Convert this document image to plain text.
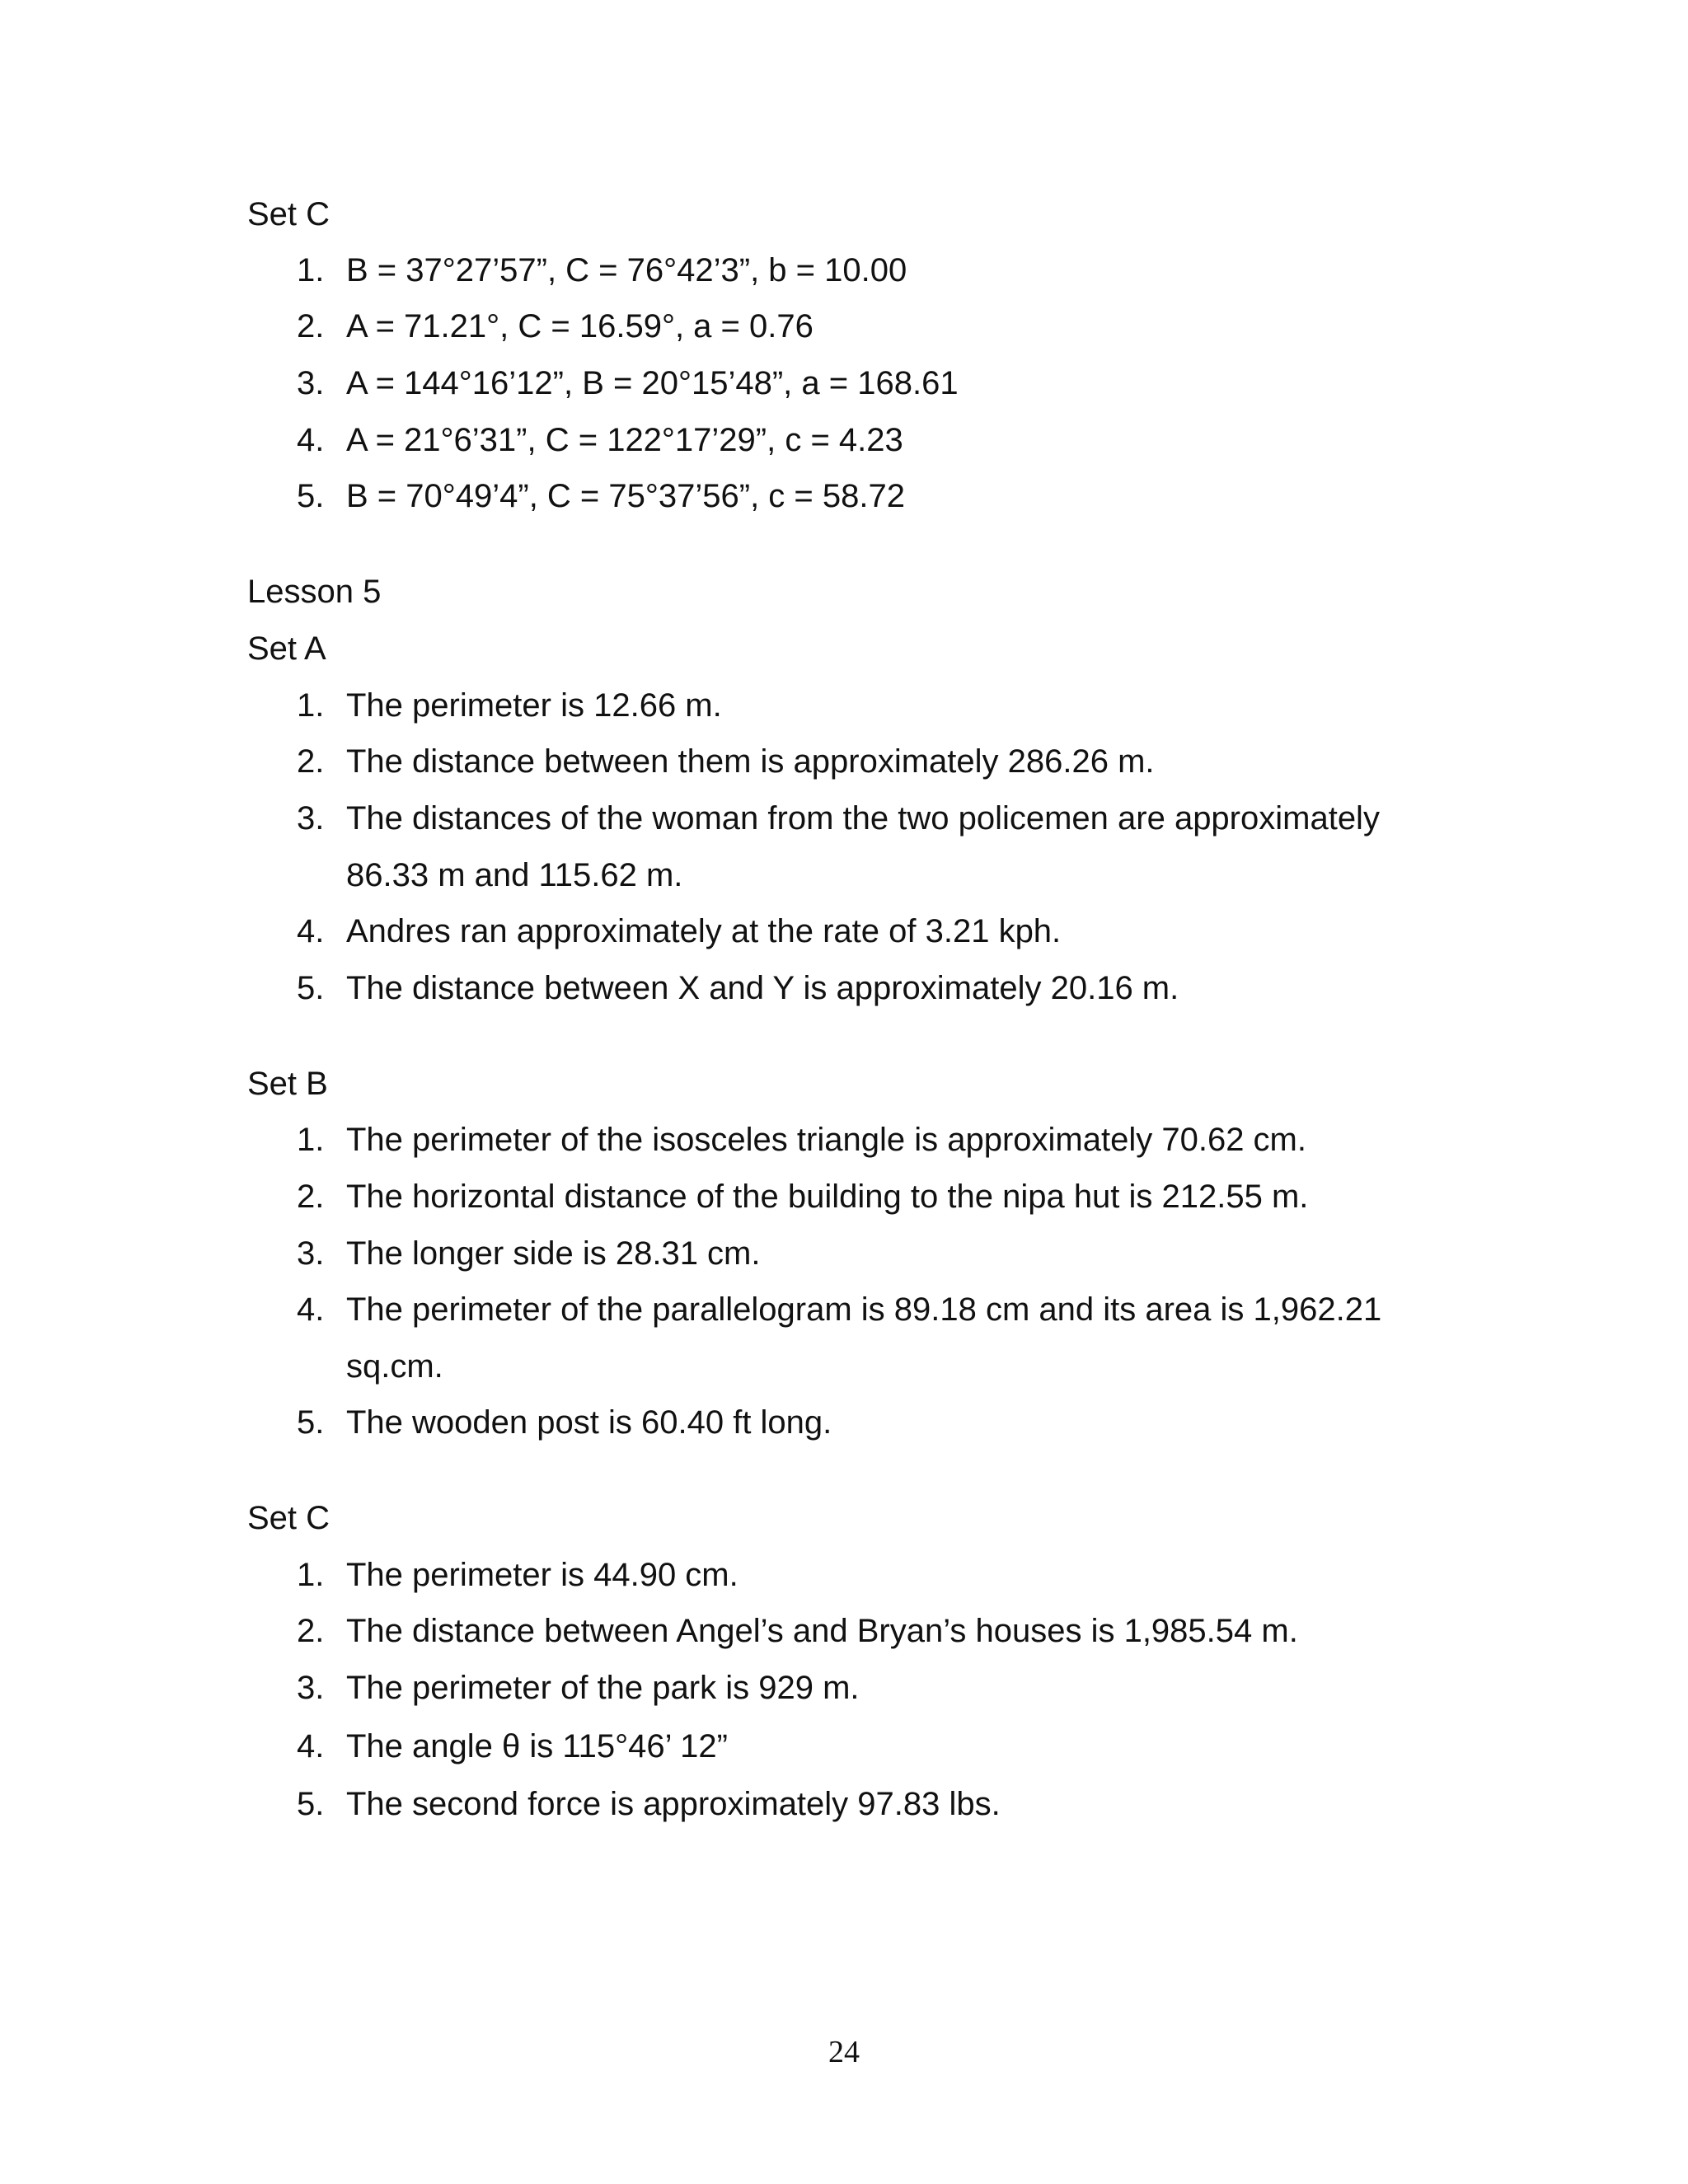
Set C
1. B = 37°27’57”, C = 76°42’3”, b = 10.00
2. A = 71.21°, C = 16.59°, a = 0.76
3. A = 144°16’12”, B = 20°15’48”, a = 168.61
4. A = 21°6’31”, C = 122°17’29”, c = 4.23
5. B = 70°49’4”, C = 75°37’56”, c = 58.72
Lesson 5
Set A
1. The perimeter is 12.66 m.
2. The distance between them is approximately 286.26 m.
3. The distances of the woman from the two policemen are approximately
86.33 m and 115.62 m.
4. Andres ran approximately at the rate of 3.21 kph.
5. The distance between X and Y is approximately 20.16 m.
Set B
1. The perimeter of the isosceles triangle is approximately 70.62 cm.
2. The horizontal distance of the building to the nipa hut is 212.55 m.
3. The longer side is 28.31 cm.
4. The perimeter of the parallelogram is 89.18 cm and its area is 1,962.21
sq.cm.
5. The wooden post is 60.40 ft long.
Set C
1. The perimeter is 44.90 cm.
2. The distance between Angel’s and Bryan’s houses is 1,985.54 m.
3. The perimeter of the park is 929 m.
4. The angle θ is 115°46’ 12”
5. The second force is approximately 97.83 lbs.
24
